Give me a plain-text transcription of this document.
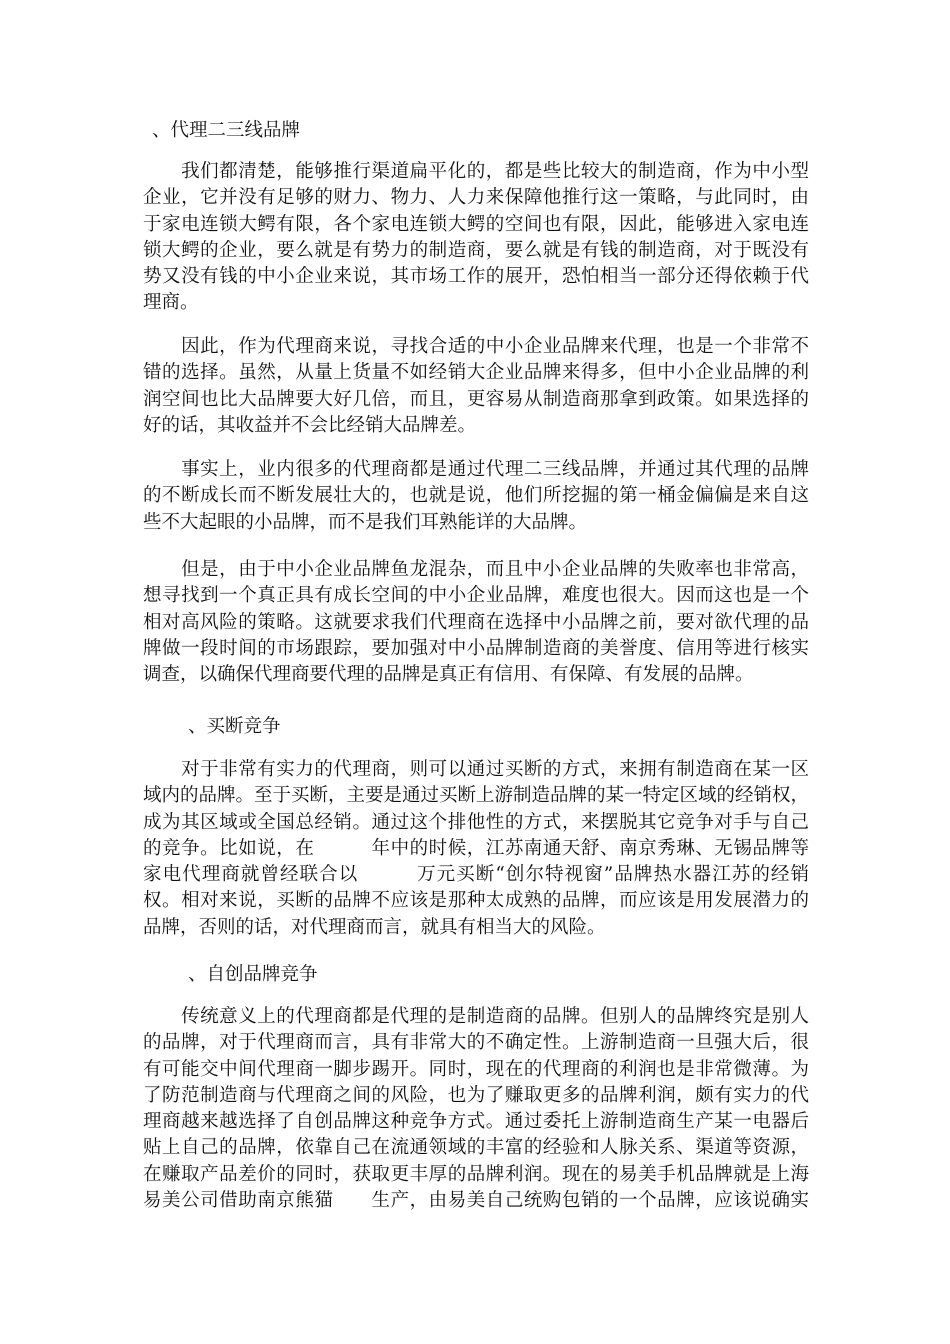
、代理二三线品牌
　　我们都清楚，能够推行渠道扁平化的，都是些比较大的制造商，作为中小型
企业，它并没有足够的财力、物力、人力来保障他推行这一策略，与此同时，由
于家电连锁大鳄有限，各个家电连锁大鳄的空间也有限，因此，能够进入家电连
锁大鳄的企业，要么就是有势力的制造商，要么就是有钱的制造商，对于既没有
势又没有钱的中小企业来说，其市场工作的展开，恐怕相当一部分还得依赖于代
理商。
　　因此，作为代理商来说，寻找合适的中小企业品牌来代理，也是一个非常不
错的选择。虽然，从量上货量不如经销大企业品牌来得多，但中小企业品牌的利
润空间也比大品牌要大好几倍，而且，更容易从制造商那拿到政策。如果选择的
好的话，其收益并不会比经销大品牌差。
　　事实上，业内很多的代理商都是通过代理二三线品牌，并通过其代理的品牌
的不断成长而不断发展壮大的，也就是说，他们所挖掘的第一桶金偏偏是来自这
些不大起眼的小品牌，而不是我们耳熟能详的大品牌。
　　但是，由于中小企业品牌鱼龙混杂，而且中小企业品牌的失败率也非常高，
想寻找到一个真正具有成长空间的中小企业品牌，难度也很大。因而这也是一个
相对高风险的策略。这就要求我们代理商在选择中小品牌之前，要对欲代理的品
牌做一段时间的市场跟踪，要加强对中小品牌制造商的美誉度、信用等进行核实
调查，以确保代理商要代理的品牌是真正有信用、有保障、有发展的品牌。
、买断竞争
　　对于非常有实力的代理商，则可以通过买断的方式，来拥有制造商在某一区
域内的品牌。至于买断，主要是通过买断上游制造品牌的某一特定区域的经销权，
成为其区域或全国总经销。通过这个排他性的方式，来摆脱其它竞争对手与自己
的竞争。比如说，在　　　年中的时候，江苏南通天舒、南京秀琳、无锡品牌等
家电代理商就曾经联合以　　　万元买断“创尔特视窗”品牌热水器江苏的经销
权。相对来说，买断的品牌不应该是那种太成熟的品牌，而应该是用发展潜力的
品牌，否则的话，对代理商而言，就具有相当大的风险。
、自创品牌竞争
　　传统意义上的代理商都是代理的是制造商的品牌。但别人的品牌终究是别人
的品牌，对于代理商而言，具有非常大的不确定性。上游制造商一旦强大后，很
有可能交中间代理商一脚步踢开。同时，现在的代理商的利润也是非常微薄。为
了防范制造商与代理商之间的风险，也为了赚取更多的品牌利润，颇有实力的代
理商越来越选择了自创品牌这种竞争方式。通过委托上游制造商生产某一电器后
贴上自己的品牌，依靠自己在流通领域的丰富的经验和人脉关系、渠道等资源，
在赚取产品差价的同时，获取更丰厚的品牌利润。现在的易美手机品牌就是上海
易美公司借助南京熊猫　　生产，由易美自己统购包销的一个品牌，应该说确实
